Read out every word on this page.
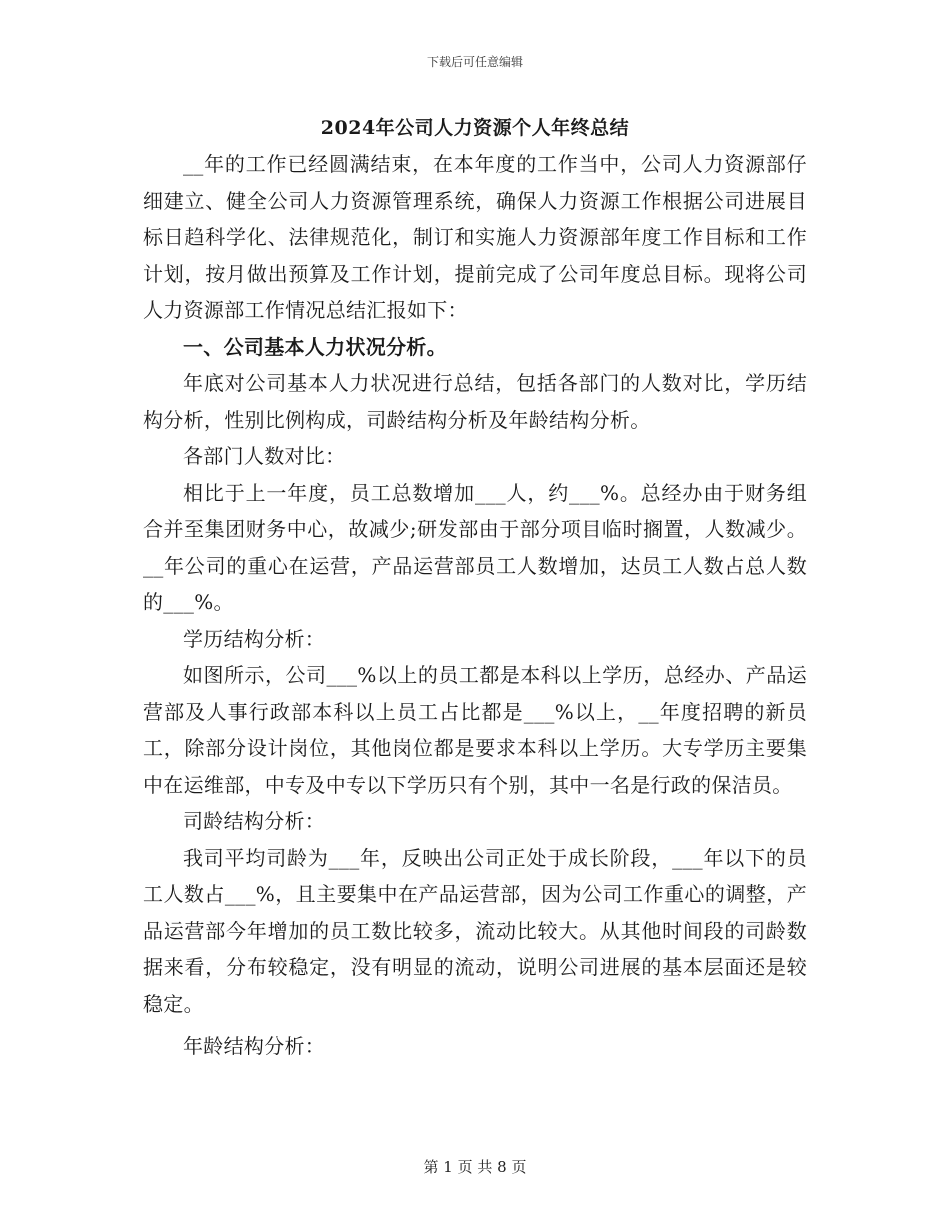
下载后可任意编辑
2024年公司人力资源个人年终总结

__年的工作已经圆满结束，在本年度的工作当中，公司人力资源部仔细建立、健全公司人力资源管理系统，确保人力资源工作根据公司进展目标日趋科学化、法律规范化，制订和实施人力资源部年度工作目标和工作计划，按月做出预算及工作计划，提前完成了公司年度总目标。现将公司人力资源部工作情况总结汇报如下：

一、公司基本人力状况分析。

年底对公司基本人力状况进行总结，包括各部门的人数对比，学历结构分析，性别比例构成，司龄结构分析及年龄结构分析。

各部门人数对比：

相比于上一年度，员工总数增加___人，约___%。总经办由于财务组合并至集团财务中心，故减少;研发部由于部分项目临时搁置，人数减少。__年公司的重心在运营，产品运营部员工人数增加，达员工人数占总人数的___%。

学历结构分析：

如图所示，公司___%以上的员工都是本科以上学历，总经办、产品运营部及人事行政部本科以上员工占比都是___%以上，__年度招聘的新员工，除部分设计岗位，其他岗位都是要求本科以上学历。大专学历主要集中在运维部，中专及中专以下学历只有个别，其中一名是行政的保洁员。

司龄结构分析：

我司平均司龄为___年，反映出公司正处于成长阶段，___年以下的员工人数占___%，且主要集中在产品运营部，因为公司工作重心的调整，产品运营部今年增加的员工数比较多，流动比较大。从其他时间段的司龄数据来看，分布较稳定，没有明显的流动，说明公司进展的基本层面还是较稳定。

年龄结构分析：

第 1 页 共 8 页
